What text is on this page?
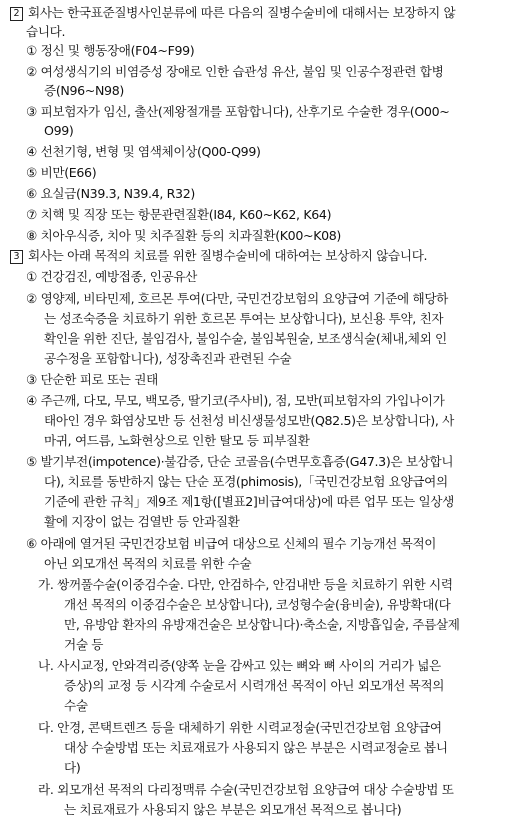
2 회사는 한국표준질병사인분류에 따른 다음의 질병수술비에 대해서는 보장하지 않
습니다.
① 정신 및 행동장애(F04~F99)
② 여성생식기의 비염증성 장애로 인한 습관성 유산, 불임 및 인공수정관련 합병
증(N96~N98)
③ 피보험자가 임신, 출산(제왕절개를 포함합니다), 산후기로 수술한 경우(O00~
O99)
④ 선천기형, 변형 및 염색체이상(Q00-Q99)
⑤ 비만(E66)
⑥ 요실금(N39.3, N39.4, R32)
⑦ 치핵 및 직장 또는 항문관련질환(I84, K60~K62, K64)
⑧ 치아우식증, 치아 및 치주질환 등의 치과질환(K00~K08)
3 회사는 아래 목적의 치료를 위한 질병수술비에 대하여는 보상하지 않습니다.
① 건강검진, 예방접종, 인공유산
② 영양제, 비타민제, 호르몬 투여(다만, 국민건강보험의 요양급여 기준에 해당하
는 성조숙증을 치료하기 위한 호르몬 투여는 보상합니다), 보신용 투약, 친자
확인을 위한 진단, 불임검사, 불임수술, 불임복원술, 보조생식술(체내,체외 인
공수정을 포함합니다), 성장촉진과 관련된 수술
③ 단순한 피로 또는 권태
④ 주근깨, 다모, 무모, 백모증, 딸기코(주사비), 점, 모반(피보험자의 가입나이가
태아인 경우 화염상모반 등 선천성 비신생물성모반(Q82.5)은 보상합니다), 사
마귀, 여드름, 노화현상으로 인한 탈모 등 피부질환
⑤ 발기부전(impotence)·불감증, 단순 코골음(수면무호흡증(G47.3)은 보상합니
다), 치료를 동반하지 않는 단순 포경(phimosis),「국민건강보험 요양급여의
기준에 관한 규칙」제9조 제1항([별표2]비급여대상)에 따른 업무 또는 일상생
활에 지장이 없는 검열반 등 안과질환
⑥ 아래에 열거된 국민건강보험 비급여 대상으로 신체의 필수 기능개선 목적이
아닌 외모개선 목적의 치료를 위한 수술
가. 쌍꺼풀수술(이중검수술. 다만, 안검하수, 안검내반 등을 치료하기 위한 시력
개선 목적의 이중검수술은 보상합니다), 코성형수술(융비술), 유방확대(다
만, 유방암 환자의 유방재건술은 보상합니다)·축소술, 지방흡입술, 주름살제
거술 등
나. 사시교정, 안와격리증(양쪽 눈을 감싸고 있는 뼈와 뼈 사이의 거리가 넓은
증상)의 교정 등 시각계 수술로서 시력개선 목적이 아닌 외모개선 목적의
수술
다. 안경, 콘택트렌즈 등을 대체하기 위한 시력교정술(국민건강보험 요양급여
대상 수술방법 또는 치료재료가 사용되지 않은 부분은 시력교정술로 봅니
다)
라. 외모개선 목적의 다리정맥류 수술(국민건강보험 요양급여 대상 수술방법 또
는 치료재료가 사용되지 않은 부분은 외모개선 목적으로 봅니다)
